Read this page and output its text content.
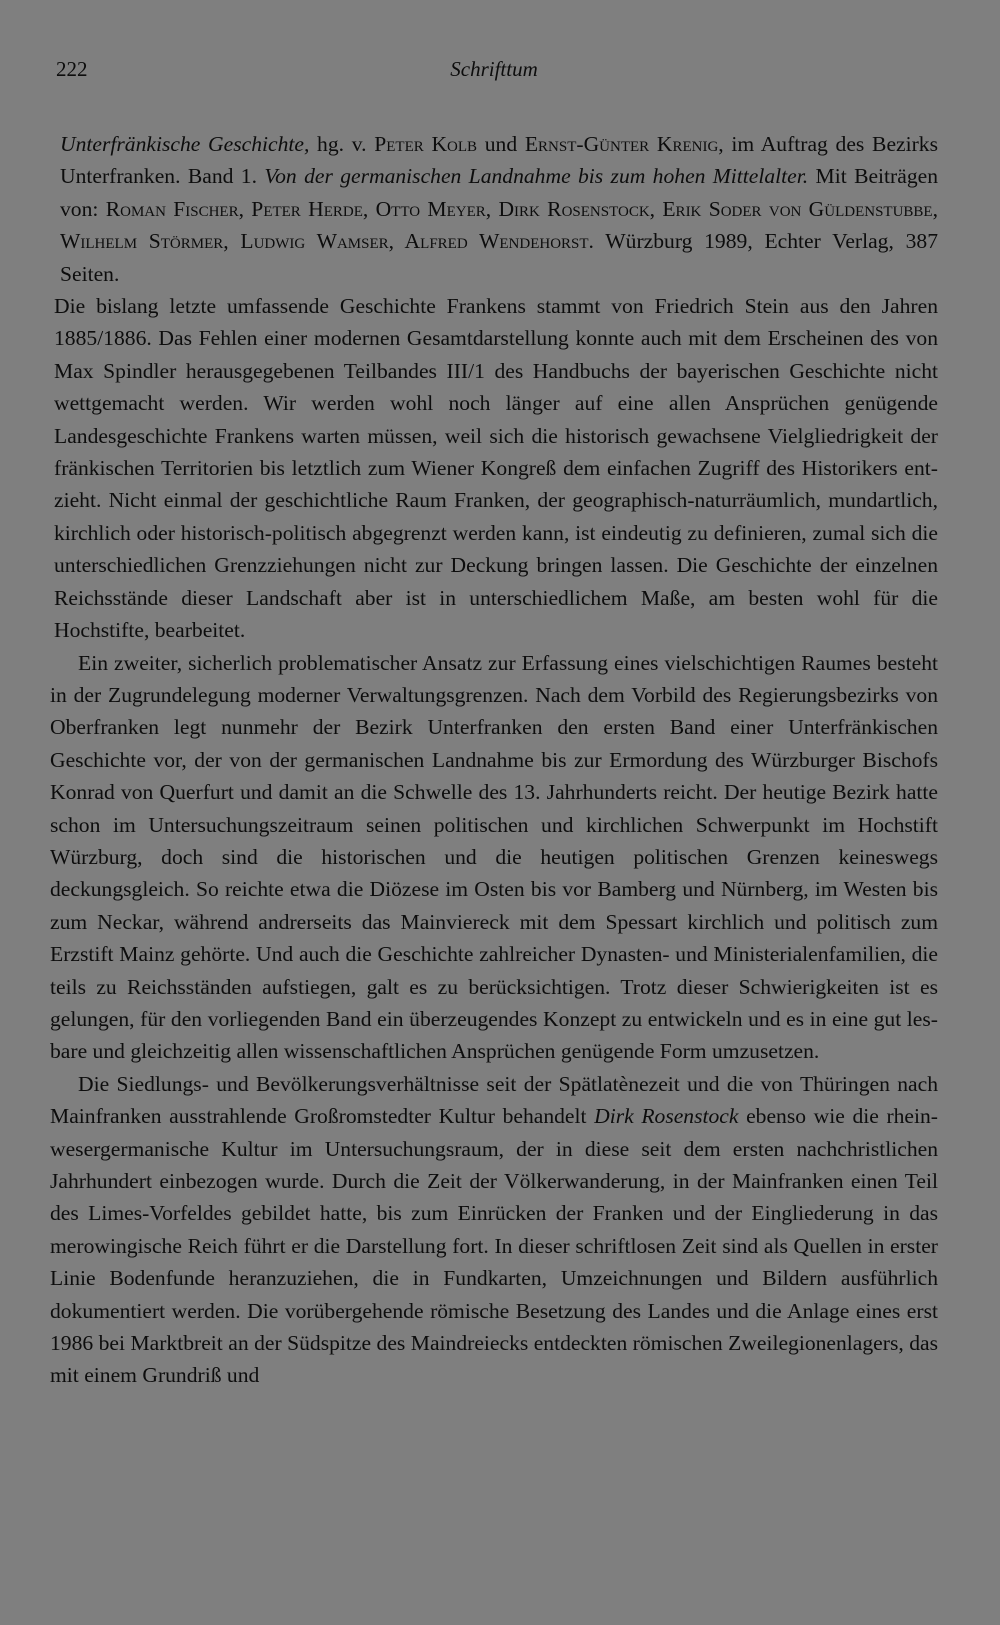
222	Schrifttum

Unterfränkische Geschichte, hg. v. Peter Kolb und Ernst-Günter Krenig, im Auftrag des Bezirks Unterfranken. Band 1. Von der germanischen Landnahme bis zum hohen Mittelalter. Mit Beiträgen von: Roman Fischer, Peter Herde, Otto Meyer, Dirk Rosenstock, Erik Soder von Güldenstubbe, Wilhelm Störmer, Ludwig Wamser, Alfred Wendehorst. Würzburg 1989, Echter Verlag, 387 Seiten.

Die bislang letzte umfassende Geschichte Frankens stammt von Friedrich Stein aus den Jahren 1885/1886. Das Fehlen einer modernen Gesamtdarstellung konnte auch mit dem Erscheinen des von Max Spindler herausgegebenen Teilbandes III/1 des Handbuchs der bayerischen Geschichte nicht wettgemacht werden. Wir werden wohl noch länger auf eine allen Ansprüchen genügende Landesgeschichte Frankens warten müssen, weil sich die historisch gewachsene Vielgliedrigkeit der fränkischen Territorien bis letztlich zum Wiener Kongreß dem einfachen Zugriff des Historikers entzieht. Nicht einmal der geschichtliche Raum Franken, der geographisch-naturräumlich, mundartlich, kirchlich oder historisch-politisch abgegrenzt werden kann, ist eindeutig zu definieren, zumal sich die unterschiedlichen Grenzziehungen nicht zur Deckung bringen lassen. Die Geschichte der einzelnen Reichsstände dieser Landschaft aber ist in unterschiedlichem Maße, am besten wohl für die Hochstifte, bearbeitet.

Ein zweiter, sicherlich problematischer Ansatz zur Erfassung eines vielschichtigen Raumes besteht in der Zugrundelegung moderner Verwaltungsgrenzen. Nach dem Vorbild des Regierungsbezirks von Oberfranken legt nunmehr der Bezirk Unterfranken den ersten Band einer Unterfränkischen Geschichte vor, der von der germanischen Landnahme bis zur Ermordung des Würzburger Bischofs Konrad von Querfurt und damit an die Schwelle des 13. Jahrhunderts reicht. Der heutige Bezirk hatte schon im Untersuchungszeitraum seinen politischen und kirchlichen Schwerpunkt im Hochstift Würzburg, doch sind die historischen und die heutigen politischen Grenzen keineswegs deckungsgleich. So reichte etwa die Diözese im Osten bis vor Bamberg und Nürnberg, im Westen bis zum Neckar, während andrerseits das Mainviereck mit dem Spessart kirchlich und politisch zum Erzstift Mainz gehörte. Und auch die Geschichte zahlreicher Dynasten- und Ministerialenfamilien, die teils zu Reichsständen aufstiegen, galt es zu berücksichtigen. Trotz dieser Schwierigkeiten ist es gelungen, für den vorliegenden Band ein überzeugendes Konzept zu entwickeln und es in eine gut lesbare und gleichzeitig allen wissenschaftlichen Ansprüchen genügende Form umzusetzen.

Die Siedlungs- und Bevölkerungsverhältnisse seit der Spätlatènezeit und die von Thüringen nach Mainfranken ausstrahlende Großromstedter Kultur behandelt Dirk Rosenstock ebenso wie die rhein-wesergermanische Kultur im Untersuchungsraum, der in diese seit dem ersten nachchristlichen Jahrhundert einbezogen wurde. Durch die Zeit der Völkerwanderung, in der Mainfranken einen Teil des Limes-Vorfeldes gebildet hatte, bis zum Einrücken der Franken und der Eingliederung in das merowingische Reich führt er die Darstellung fort. In dieser schriftlosen Zeit sind als Quellen in erster Linie Bodenfunde heranzuziehen, die in Fundkarten, Umzeichnungen und Bildern ausführlich dokumentiert werden. Die vorübergehende römische Besetzung des Landes und die Anlage eines erst 1986 bei Marktbreit an der Südspitze des Maindreiecks entdeckten römischen Zweilegionenlagers, das mit einem Grundriß und
